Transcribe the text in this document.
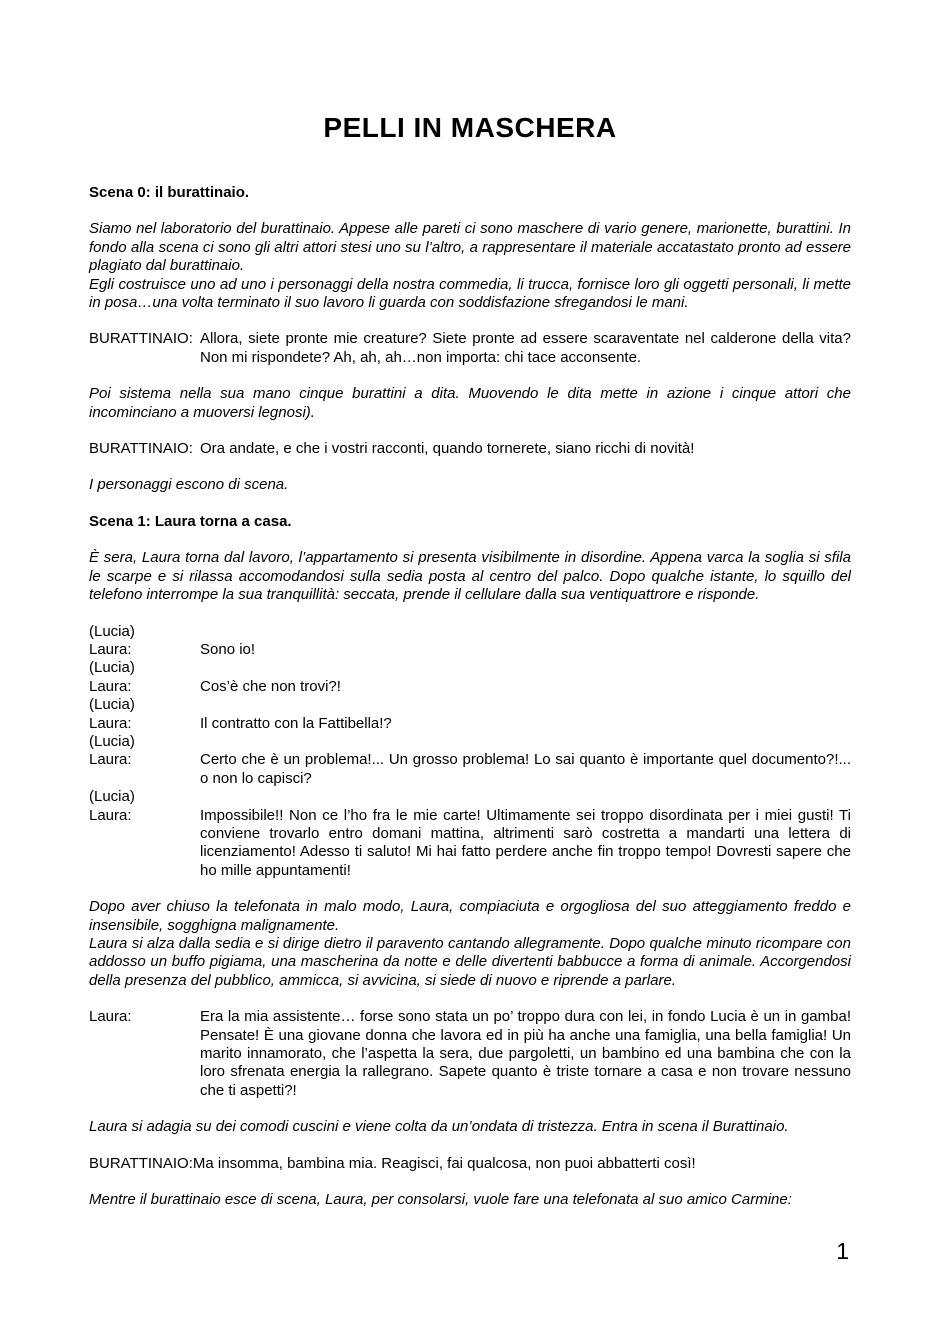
PELLI IN MASCHERA
Scena 0: il burattinaio.
Siamo nel laboratorio del burattinaio. Appese alle pareti ci sono maschere di vario genere, marionette, burattini. In fondo alla scena ci sono gli altri attori stesi uno su l’altro, a rappresentare il materiale accatastato pronto ad essere plagiato dal burattinaio.
Egli costruisce uno ad uno i personaggi della nostra commedia, li trucca, fornisce loro gli oggetti personali, li mette in posa…una volta terminato il suo lavoro li guarda con soddisfazione sfregandosi le mani.
BURATTINAIO: Allora, siete pronte mie creature? Siete pronte ad essere scaraventate nel calderone della vita? Non mi rispondete? Ah, ah, ah…non importa: chi tace acconsente.
Poi sistema nella sua mano cinque burattini a dita. Muovendo le dita mette in azione i cinque attori che incominciano a muoversi legnosi).
BURATTINAIO: Ora andate, e che i vostri racconti, quando tornerete, siano ricchi di novità!
I personaggi escono di scena.
Scena 1: Laura torna a casa.
È sera, Laura torna dal lavoro, l’appartamento si presenta visibilmente in disordine. Appena varca la soglia si sfila le scarpe e si rilassa accomodandosi sulla sedia posta al centro del palco. Dopo qualche istante, lo squillo del telefono interrompe la sua tranquillità: seccata, prende il cellulare dalla sua ventiquattrore e risponde.
(Lucia)
Laura:	Sono io!
(Lucia)
Laura:	Cos’è che non trovi?!
(Lucia)
Laura:	Il contratto con la Fattibella!?
(Lucia)
Laura:	Certo che è un problema!... Un grosso problema! Lo sai quanto è importante quel documento?!... o non lo capisci?
(Lucia)
Laura:	Impossibile!! Non ce l’ho fra le mie carte! Ultimamente sei troppo disordinata per i miei gusti! Ti conviene trovarlo entro domani mattina, altrimenti sarò costretta a mandarti una lettera di licenziamento! Adesso ti saluto! Mi hai fatto perdere anche fin troppo tempo! Dovresti sapere che ho mille appuntamenti!
Dopo aver chiuso la telefonata in malo modo, Laura, compiaciuta e orgogliosa del suo atteggiamento freddo e insensibile, sogghigna malignamente.
Laura si alza dalla sedia e si dirige dietro il paravento cantando allegramente. Dopo qualche minuto ricompare con addosso un buffo pigiama, una mascherina da notte e delle divertenti babbucce a forma di animale. Accorgendosi della presenza del pubblico, ammicca, si avvicina, si siede di nuovo e riprende a parlare.
Laura:	Era la mia assistente… forse sono stata un po’ troppo dura con lei, in fondo Lucia è un in gamba! Pensate! È una giovane donna che lavora ed in più ha anche una famiglia, una bella famiglia! Un marito innamorato, che l’aspetta la sera, due pargoletti, un bambino ed una bambina che con la loro sfrenata energia la rallegrano. Sapete quanto è triste tornare a casa e non trovare nessuno che ti aspetti?!
Laura si adagia su dei comodi cuscini e viene colta da un’ondata di tristezza. Entra in scena il Burattinaio.
BURATTINAIO:Ma insomma, bambina mia. Reagisci, fai qualcosa, non puoi abbatterti così!
Mentre il burattinaio esce di scena, Laura, per consolarsi, vuole fare una telefonata al suo amico Carmine:
1
